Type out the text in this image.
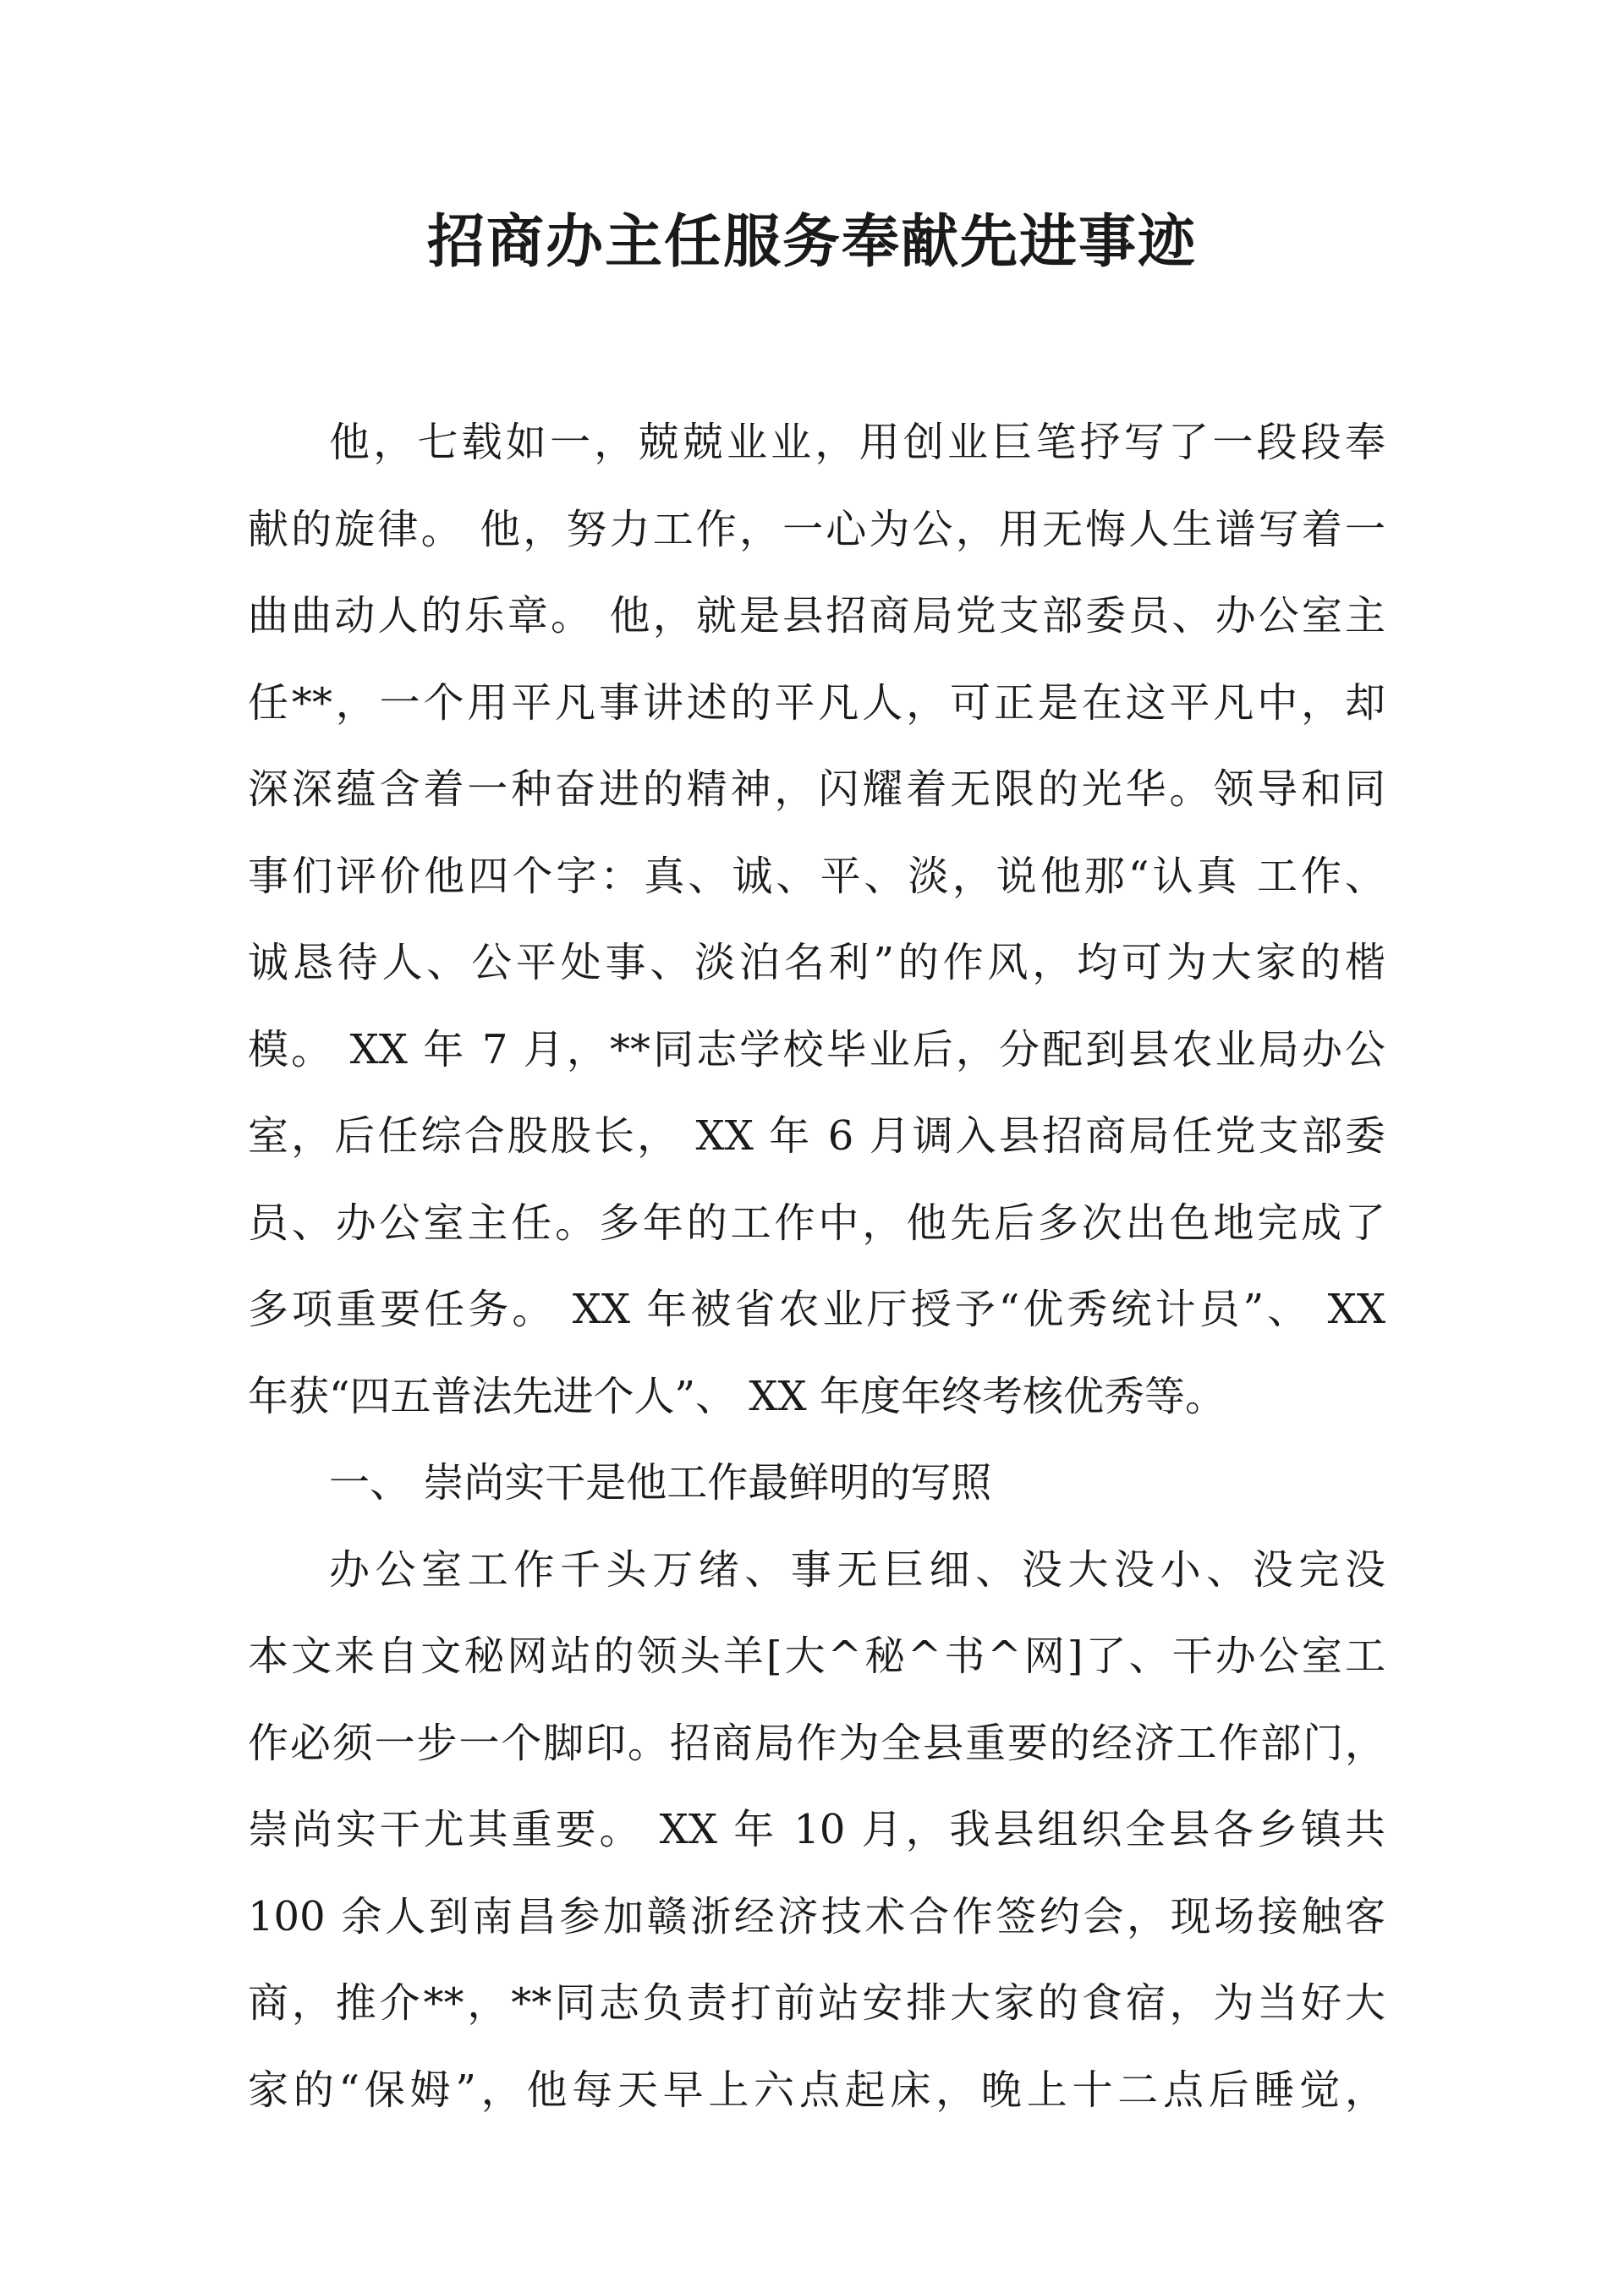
招商办主任服务奉献先进事迹
他，七载如一，兢兢业业，用创业巨笔抒写了一段段奉
献的旋律。 他，努力工作，一心为公，用无悔人生谱写着一
曲曲动人的乐章。 他，就是县招商局党支部委员、办公室主
任**，一个用平凡事讲述的平凡人，可正是在这平凡中，却
深深蕴含着一种奋进的精神，闪耀着无限的光华。领导和同
事们评价他四个字：真、诚、平、淡，说他那“认真 工作、
诚恳待人、公平处事、淡泊名利”的作风，均可为大家的楷
模。 XX 年 7 月，**同志学校毕业后，分配到县农业局办公
室，后任综合股股长， XX 年 6 月调入县招商局任党支部委
员、办公室主任。多年的工作中，他先后多次出色地完成了
多项重要任务。 XX 年被省农业厅授予“优秀统计员”、 XX
年获“四五普法先进个人”、 XX 年度年终考核优秀等。
一、 崇尚实干是他工作最鲜明的写照
办公室工作千头万绪、事无巨细、没大没小、没完没
本文来自文秘网站的领头羊[大^秘^书^网]了、干办公室工
作必须一步一个脚印。招商局作为全县重要的经济工作部门，
崇尚实干尤其重要。 XX 年 10 月，我县组织全县各乡镇共
100 余人到南昌参加赣浙经济技术合作签约会，现场接触客
商，推介**，**同志负责打前站安排大家的食宿，为当好大
家的“保姆”，他每天早上六点起床，晚上十二点后睡觉，
